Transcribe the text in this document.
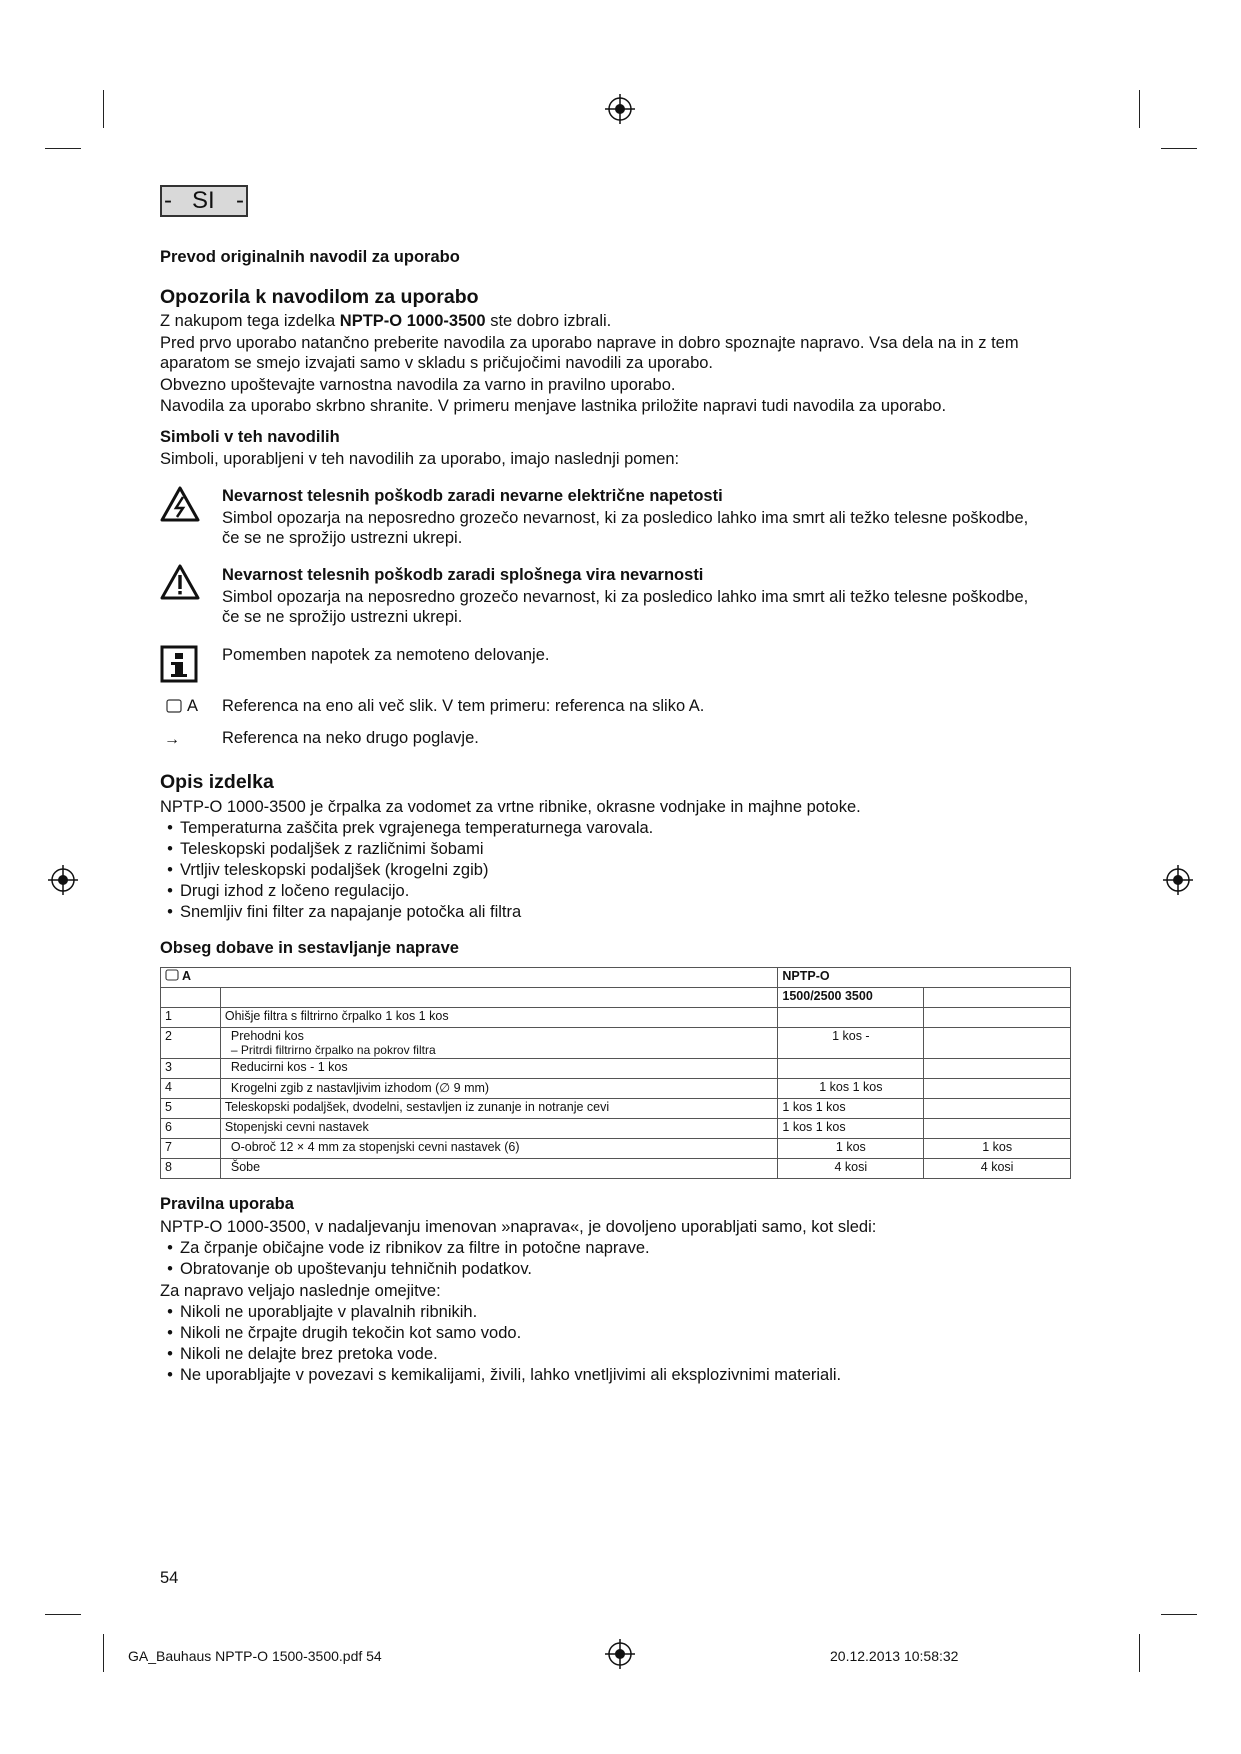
- SI -
Prevod originalnih navodil za uporabo
Opozorila k navodilom za uporabo
Z nakupom tega izdelka NPTP-O 1000-3500 ste dobro izbrali.
Pred prvo uporabo natančno preberite navodila za uporabo naprave in dobro spoznajte napravo. Vsa dela na in z tem
aparatom se smejo izvajati samo v skladu s pričujočimi navodili za uporabo.
Obvezno upoštevajte varnostna navodila za varno in pravilno uporabo.
Navodila za uporabo skrbno shranite. V primeru menjave lastnika priložite napravi tudi navodila za uporabo.
Simboli v teh navodilih
Simboli, uporabljeni v teh navodilih za uporabo, imajo naslednji pomen:
Nevarnost telesnih poškodb zaradi nevarne električne napetosti
Simbol opozarja na neposredno grozečo nevarnost, ki za posledico lahko ima smrt ali težko telesne poškodbe,
če se ne sprožijo ustrezni ukrepi.
Nevarnost telesnih poškodb zaradi splošnega vira nevarnosti
Simbol opozarja na neposredno grozečo nevarnost, ki za posledico lahko ima smrt ali težko telesne poškodbe,
če se ne sprožijo ustrezni ukrepi.
Pomemben napotek za nemoteno delovanje.
A Referenca na eno ali več slik. V tem primeru: referenca na sliko A.
→	Referenca na neko drugo poglavje.
Opis izdelka
NPTP-O 1000-3500 je črpalka za vodomet za vrtne ribnike, okrasne vodnjake in majhne potoke.
• Temperaturna zaščita prek vgrajenega temperaturnega varovala.
• Teleskopski podaljšek z različnimi šobami
• Vrtljiv teleskopski podaljšek (krogelni zgib)
• Drugi izhod z ločeno regulacijo.
• Snemljiv fini filter za napajanje potočka ali filtra
Obseg dobave in sestavljanje naprave
A		NPTP-O	
		1500/2500 3500	
1	Ohišje filtra s filtrirno črpalko 1 kos 1 kos		
2	Prehodni kos
– Pritrdi filtrirno črpalko na pokrov filtra	1 kos -	
3	Reducirni kos - 1 kos		
4	Krogelni zgib z nastavljivim izhodom (∅ 9 mm)	1 kos 1 kos	
5	Teleskopski podaljšek, dvodelni, sestavljen iz zunanje in notranje cevi	1 kos 1 kos	
6	Stopenjski cevni nastavek	1 kos 1 kos	
7	O-obroč 12 × 4 mm za stopenjski cevni nastavek (6)	1 kos	1 kos
8	Šobe	4 kosi	4 kosi
Pravilna uporaba
NPTP-O 1000-3500, v nadaljevanju imenovan »naprava«, je dovoljeno uporabljati samo, kot sledi:
• Za črpanje običajne vode iz ribnikov za filtre in potočne naprave.
• Obratovanje ob upoštevanju tehničnih podatkov.
Za napravo veljajo naslednje omejitve:
• Nikoli ne uporabljajte v plavalnih ribnikih.
• Nikoli ne črpajte drugih tekočin kot samo vodo.
• Nikoli ne delajte brez pretoka vode.
• Ne uporabljajte v povezavi s kemikalijami, živili, lahko vnetljivimi ali eksplozivnimi materiali.
54
GA_Bauhaus NPTP-O 1500-3500.pdf 54	20.12.2013 10:58:32
